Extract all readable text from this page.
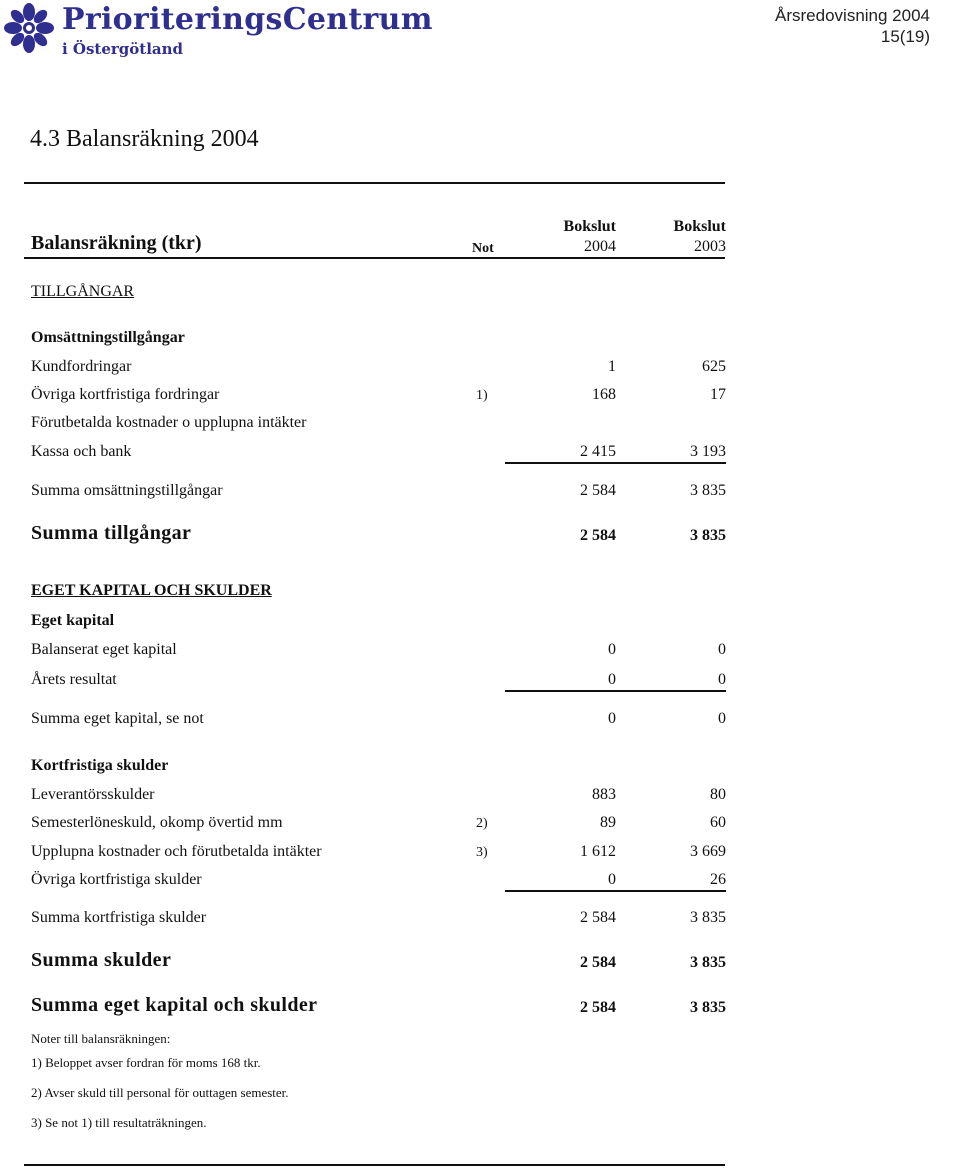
PrioriteringsCentrum
i Östergötland
Årsredovisning 2004
15(19)
4.3 Balansräkning 2004
Balansräkning (tkr)	Not
Bokslut
2004
Bokslut
2003
TILLGÅNGAR
Omsättningstillgångar
Kundfordringar	1	625
Övriga kortfristiga fordringar	1)	168	17
Förutbetalda kostnader o upplupna intäkter
Kassa och bank	2 415	3 193
Summa omsättningstillgångar	2 584	3 835
Summa tillgångar	2 584	3 835
EGET KAPITAL OCH SKULDER
Eget kapital
Balanserat eget kapital	0	0
Årets resultat	0	0
Summa eget kapital, se not	0	0
Kortfristiga skulder
Leverantörsskulder	883	80
Semesterlöneskuld, okomp övertid mm	2)	89	60
Upplupna kostnader och förutbetalda intäkter	3)	1 612	3 669
Övriga kortfristiga skulder	0	26
Summa kortfristiga skulder	2 584	3 835
Summa skulder	2 584	3 835
Summa eget kapital och skulder	2 584	3 835
Noter till balansräkningen:
1) Beloppet avser fordran för moms 168 tkr.
2) Avser skuld till personal för outtagen semester.
3) Se not 1) till resultaträkningen.
